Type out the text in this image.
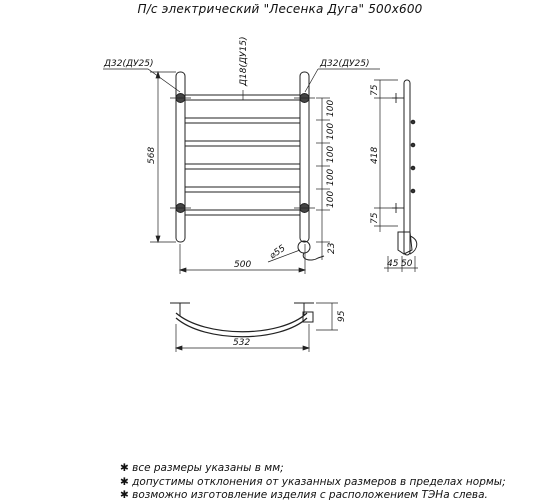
П/с электрический "Лесенка Дуга" 500х600
Д32(ДУ25)	Д32(ДУ25)
Д18(ДУ15)
568
500
⌀55	23
100
100
100
100
100
75
418
75
45 50
532
95
✱ все размеры указаны в мм;
✱ допустимы отклонения от указанных размеров в пределах нормы;
✱ возможно изготовление изделия с расположением ТЭНа слева.
